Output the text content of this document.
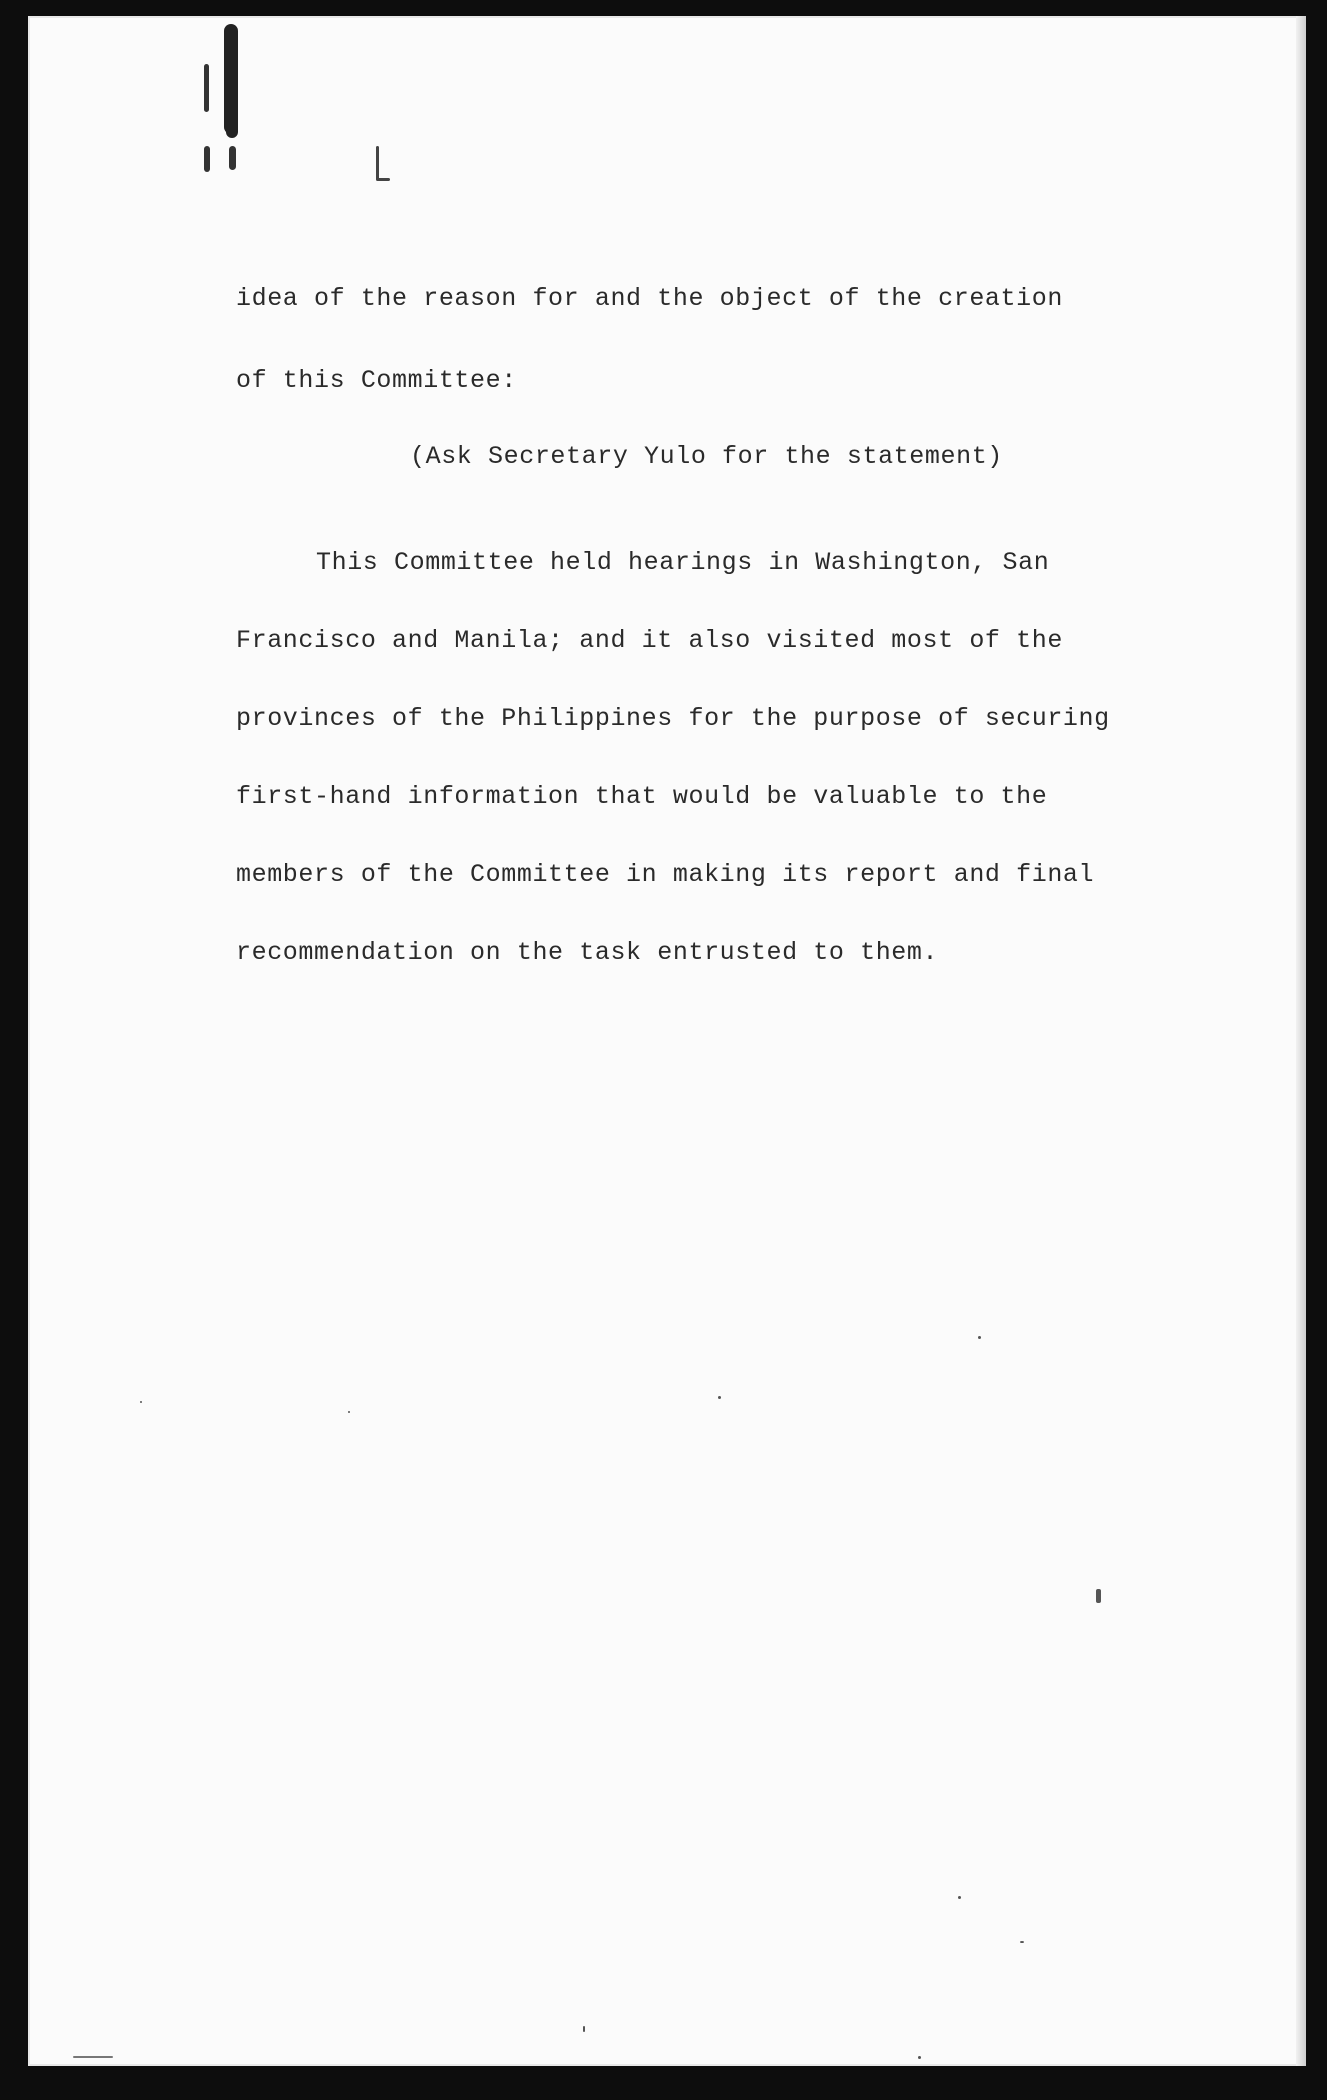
idea of the reason for and the object of the creation
of this Committee:
(Ask Secretary Yulo for the statement)
This Committee held hearings in Washington, San
Francisco and Manila; and it also visited most of the
provinces of the Philippines for the purpose of securing
first-hand information that would be valuable to the
members of the Committee in making its report and final
recommendation on the task entrusted to them.
